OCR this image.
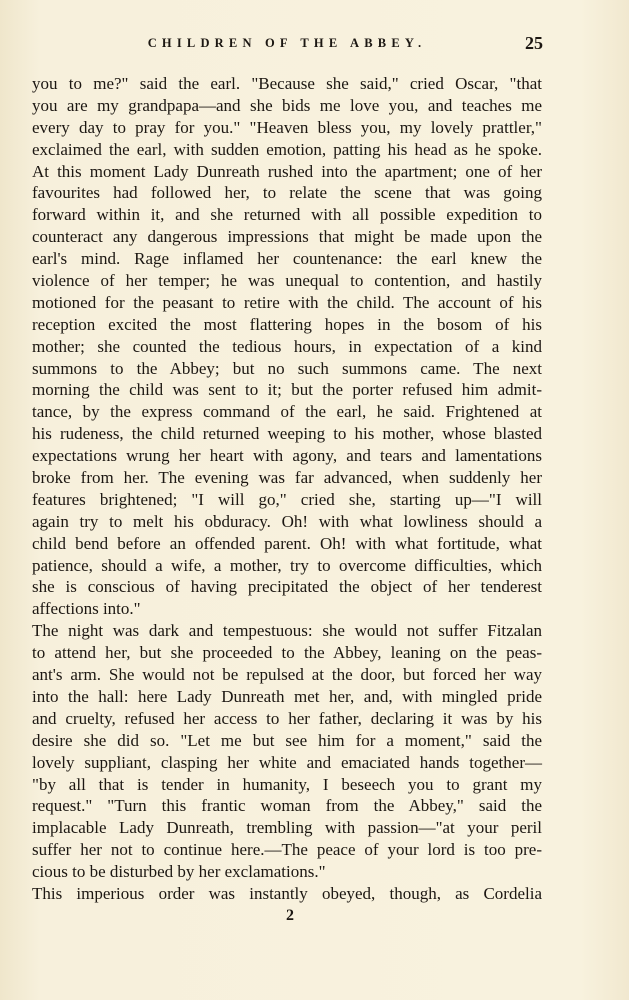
CHILDREN OF THE ABBEY.	25
you to me?" said the earl. "Because she said," cried Oscar, "that
you are my grandpapa—and she bids me love you, and teaches me
every day to pray for you." "Heaven bless you, my lovely prattler,"
exclaimed the earl, with sudden emotion, patting his head as he spoke.
At this moment Lady Dunreath rushed into the apartment; one of her
favourites had followed her, to relate the scene that was going
forward within it, and she returned with all possible expedition to
counteract any dangerous impressions that might be made upon the
earl's mind. Rage inflamed her countenance: the earl knew the
violence of her temper; he was unequal to contention, and hastily
motioned for the peasant to retire with the child. The account of his
reception excited the most flattering hopes in the bosom of his
mother; she counted the tedious hours, in expectation of a kind
summons to the Abbey; but no such summons came. The next
morning the child was sent to it; but the porter refused him admit-
tance, by the express command of the earl, he said. Frightened at
his rudeness, the child returned weeping to his mother, whose blasted
expectations wrung her heart with agony, and tears and lamentations
broke from her. The evening was far advanced, when suddenly her
features brightened; "I will go," cried she, starting up—"I will
again try to melt his obduracy. Oh! with what lowliness should a
child bend before an offended parent. Oh! with what fortitude, what
patience, should a wife, a mother, try to overcome difficulties, which
she is conscious of having precipitated the object of her tenderest
affections into."
The night was dark and tempestuous: she would not suffer Fitzalan
to attend her, but she proceeded to the Abbey, leaning on the peas-
ant's arm. She would not be repulsed at the door, but forced her way
into the hall: here Lady Dunreath met her, and, with mingled pride
and cruelty, refused her access to her father, declaring it was by his
desire she did so. "Let me but see him for a moment," said the
lovely suppliant, clasping her white and emaciated hands together—
"by all that is tender in humanity, I beseech you to grant my
request." "Turn this frantic woman from the Abbey," said the
implacable Lady Dunreath, trembling with passion—"at your peril
suffer her not to continue here.—The peace of your lord is too pre-
cious to be disturbed by her exclamations."
This imperious order was instantly obeyed, though, as Cordelia
2
